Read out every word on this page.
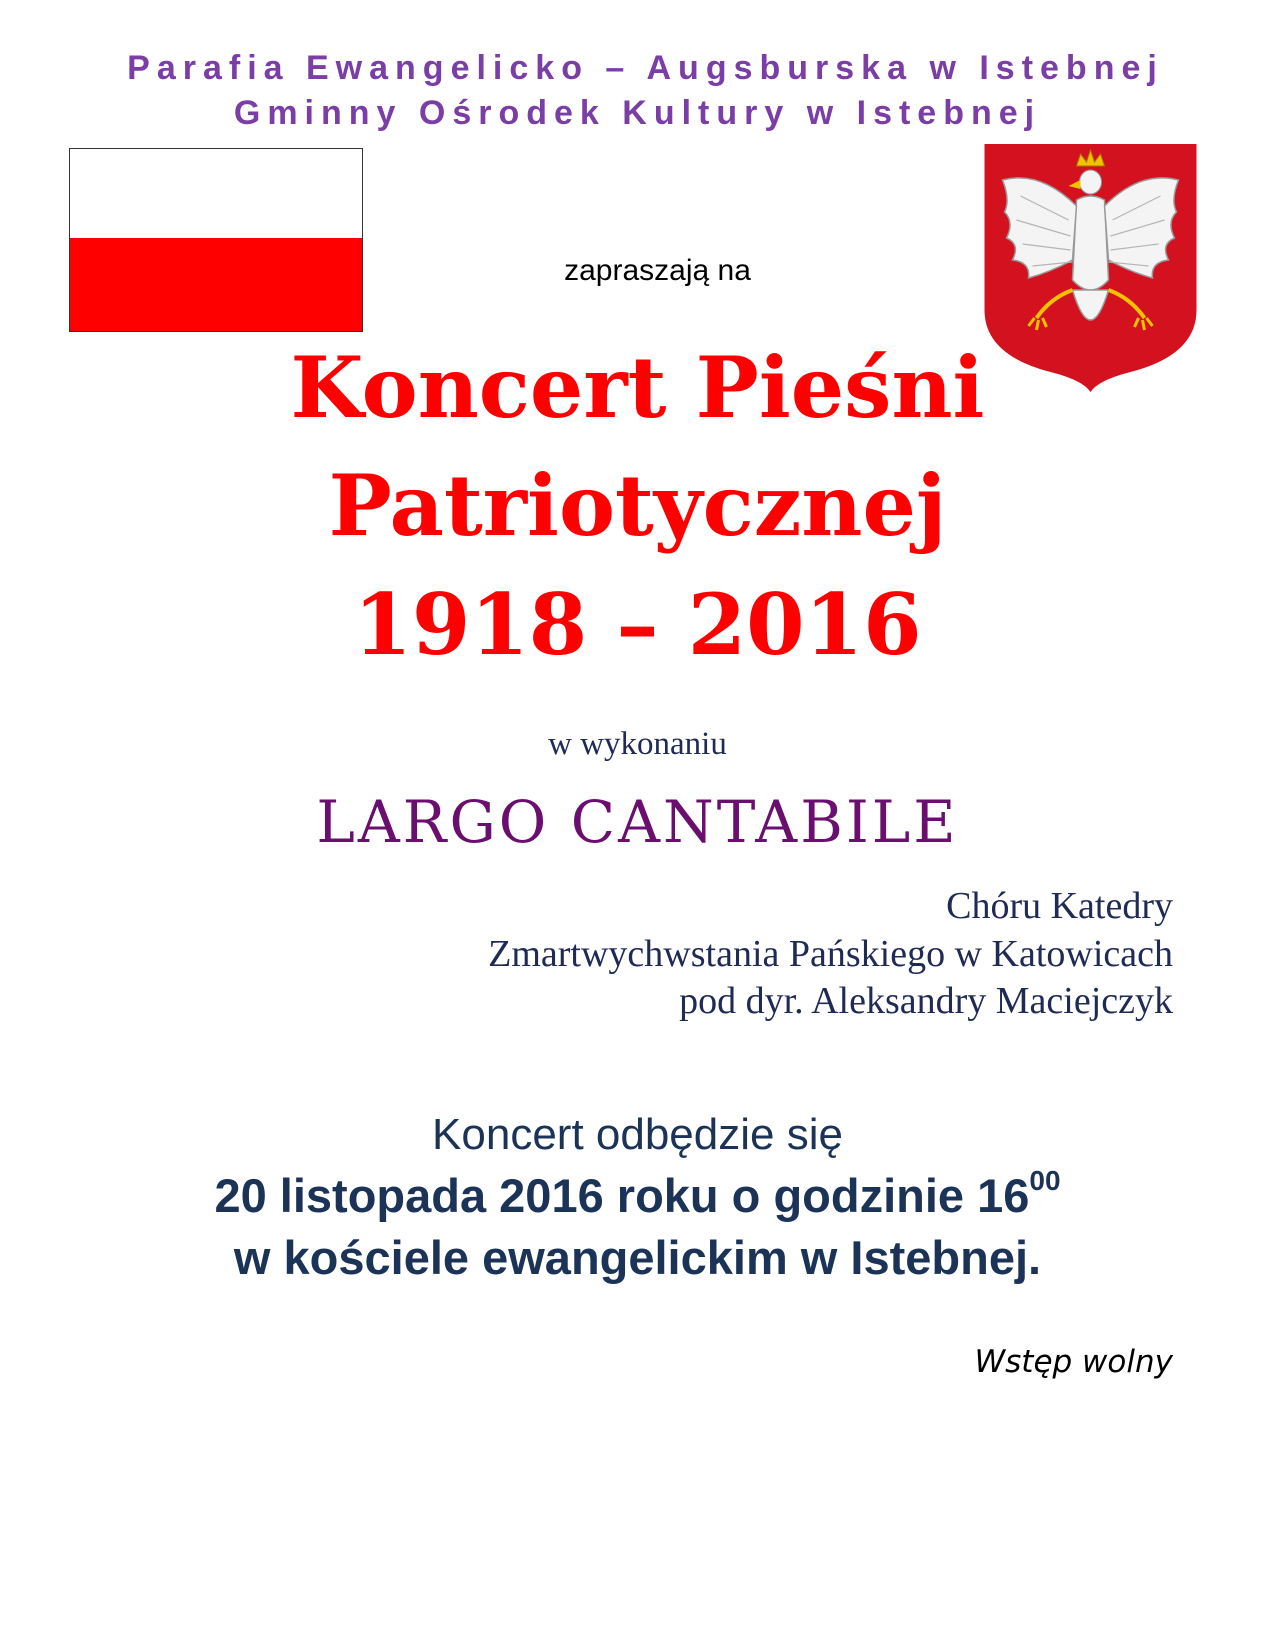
Parafia Ewangelicko – Augsburska w Istebnej
Gminny Ośrodek Kultury w Istebnej
zapraszają na
Koncert Pieśni
Patriotycznej
1918 – 2016
w wykonaniu
LARGO CANTABILE
Chóru Katedry
Zmartwychwstania Pańskiego w Katowicach
pod dyr. Aleksandry Maciejczyk
Koncert odbędzie się
20 listopada 2016 roku o godzinie $16^{00}$
w kościele ewangelickim w Istebnej.
Wstęp wolny
